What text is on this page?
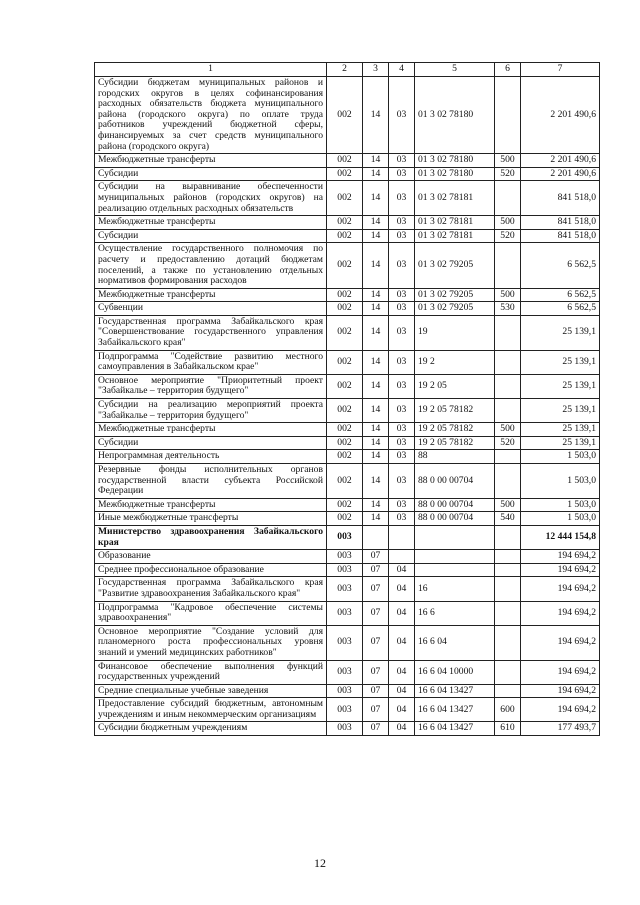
1	2	3	4	5	6	7
Субсидии бюджетам муниципальных районов и городских округов в целях софинансирования расходных обязательств бюджета муниципального района (городского округа) по оплате труда работников учреждений бюджетной сферы, финансируемых за счет средств муниципального района (городского округа)	002	14	03	01 3 02 78180		2 201 490,6
Межбюджетные трансферты	002	14	03	01 3 02 78180	500	2 201 490,6
Субсидии	002	14	03	01 3 02 78180	520	2 201 490,6
Субсидии на выравнивание обеспеченности муниципальных районов (городских округов) на реализацию отдельных расходных обязательств	002	14	03	01 3 02 78181		841 518,0
Межбюджетные трансферты	002	14	03	01 3 02 78181	500	841 518,0
Субсидии	002	14	03	01 3 02 78181	520	841 518,0
Осуществление государственного полномочия по расчету и предоставлению дотаций бюджетам поселений, а также по установлению отдельных нормативов формирования расходов	002	14	03	01 3 02 79205		6 562,5
Межбюджетные трансферты	002	14	03	01 3 02 79205	500	6 562,5
Субвенции	002	14	03	01 3 02 79205	530	6 562,5
Государственная программа Забайкальского края "Совершенствование государственного управления Забайкальского края"	002	14	03	19		25 139,1
Подпрограмма "Содействие развитию местного самоуправления в Забайкальском крае"	002	14	03	19 2		25 139,1
Основное мероприятие "Приоритетный проект "Забайкалье – территория будущего"	002	14	03	19 2 05		25 139,1
Субсидии на реализацию мероприятий проекта "Забайкалье – территория будущего"	002	14	03	19 2 05 78182		25 139,1
Межбюджетные трансферты	002	14	03	19 2 05 78182	500	25 139,1
Субсидии	002	14	03	19 2 05 78182	520	25 139,1
Непрограммная деятельность	002	14	03	88		1 503,0
Резервные фонды исполнительных органов государственной власти субъекта Российской Федерации	002	14	03	88 0 00 00704		1 503,0
Межбюджетные трансферты	002	14	03	88 0 00 00704	500	1 503,0
Иные межбюджетные трансферты	002	14	03	88 0 00 00704	540	1 503,0
Министерство здравоохранения Забайкальского края	003					12 444 154,8
Образование	003	07				194 694,2
Среднее профессиональное образование	003	07	04			194 694,2
Государственная программа Забайкальского края "Развитие здравоохранения Забайкальского края"	003	07	04	16		194 694,2
Подпрограмма "Кадровое обеспечение системы здравоохранения"	003	07	04	16 6		194 694,2
Основное мероприятие "Создание условий для планомерного роста профессиональных уровня знаний и умений медицинских работников"	003	07	04	16 6 04		194 694,2
Финансовое обеспечение выполнения функций государственных учреждений	003	07	04	16 6 04 10000		194 694,2
Средние специальные учебные заведения	003	07	04	16 6 04 13427		194 694,2
Предоставление субсидий бюджетным, автономным учреждениям и иным некоммерческим организациям	003	07	04	16 6 04 13427	600	194 694,2
Субсидии бюджетным учреждениям	003	07	04	16 6 04 13427	610	177 493,7
12
